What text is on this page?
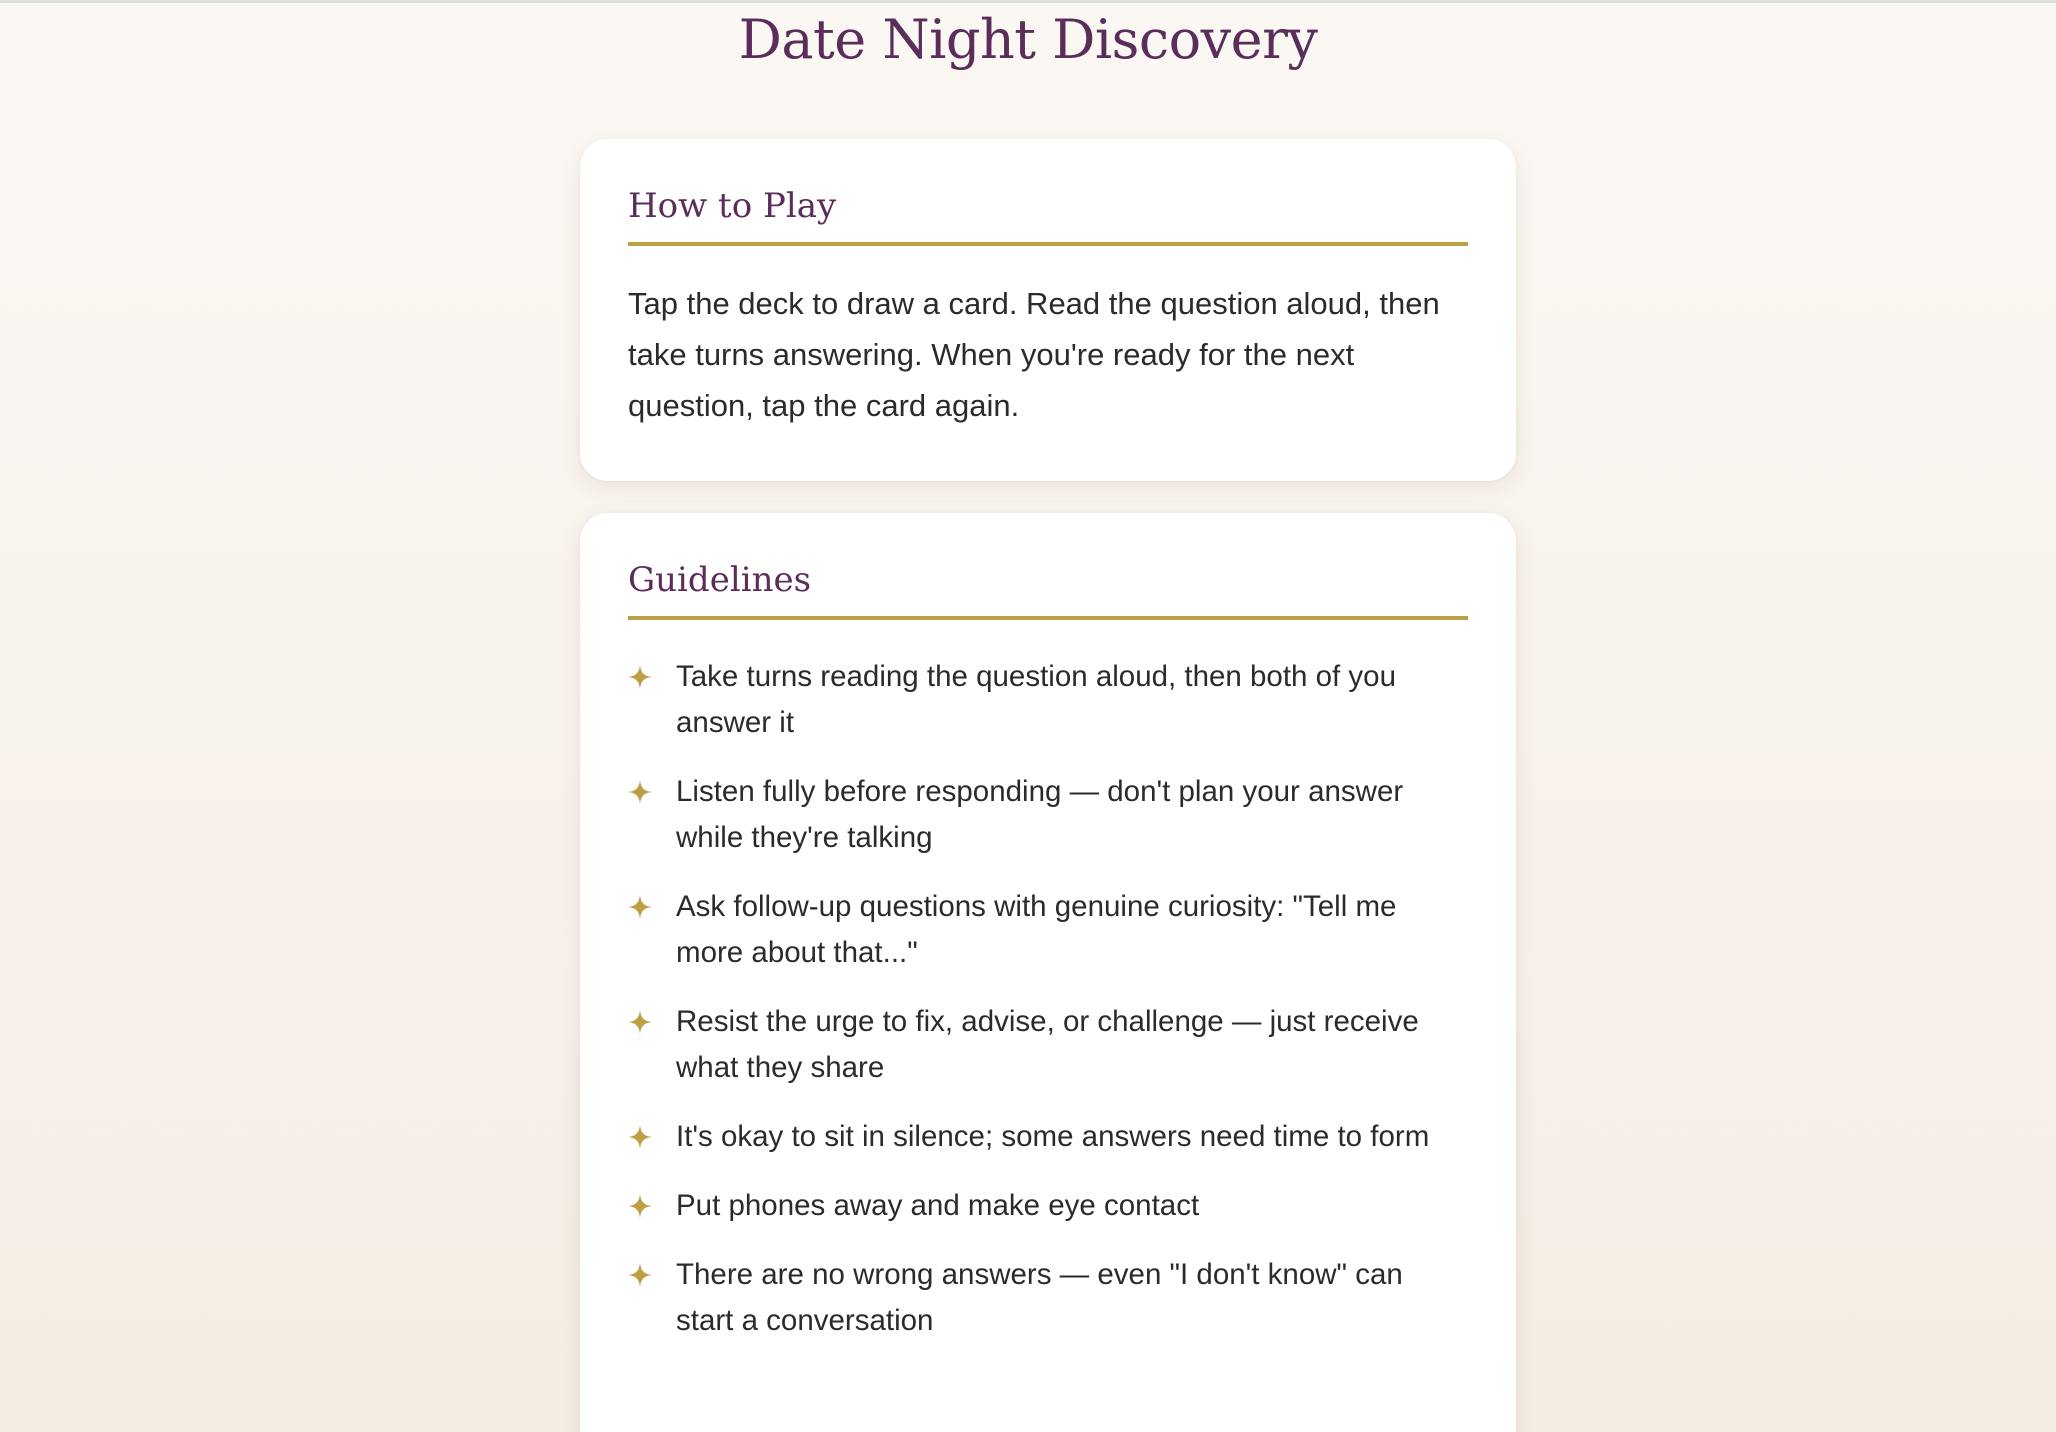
Date Night Discovery
How to Play

Tap the deck to draw a card. Read the question aloud, then take turns answering. When you're ready for the next question, tap the card again.

Guidelines
Take turns reading the question aloud, then both of you answer it
Listen fully before responding — don't plan your answer while they're talking
Ask follow-up questions with genuine curiosity: "Tell me more about that..."
Resist the urge to fix, advise, or challenge — just receive what they share
It's okay to sit in silence; some answers need time to form
Put phones away and make eye contact
There are no wrong answers — even "I don't know" can start a conversation
